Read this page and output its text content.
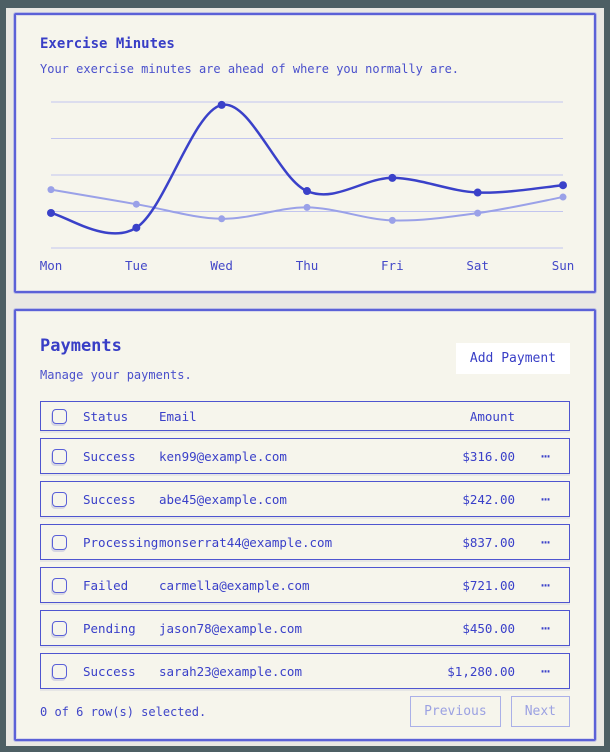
Exercise Minutes

Your exercise minutes are ahead of where you normally are.

Mon	Tue	Wed	Thu	Fri	Sat	Sun
Payments

Manage your payments.

Add Payment
Status	Email	Amount
Success	ken99@example.com	$316.00	⋯
Success	abe45@example.com	$242.00	⋯
Processing monserrat44@example.com	$837.00	⋯
Failed	carmella@example.com	$721.00	⋯
Pending	jason78@example.com	$450.00	⋯
Success	sarah23@example.com	$1,280.00	⋯
0 of 6 row(s) selected.	Previous	Next
